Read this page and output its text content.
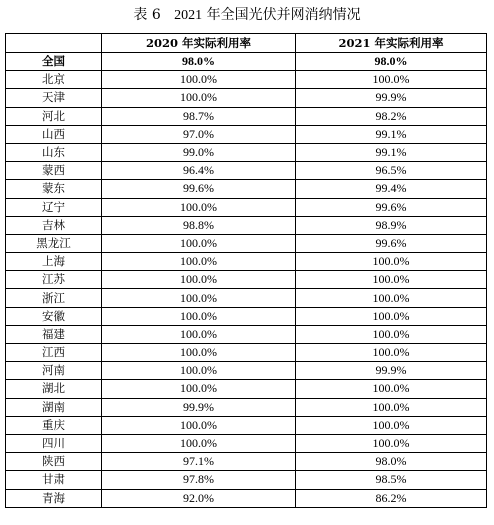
表 6 2021 年全国光伏并网消纳情况
	2020 年实际利用率	2021 年实际利用率
全国	98.0%	98.0%
北京	100.0%	100.0%
天津	100.0%	99.9%
河北	98.7%	98.2%
山西	97.0%	99.1%
山东	99.0%	99.1%
蒙西	96.4%	96.5%
蒙东	99.6%	99.4%
辽宁	100.0%	99.6%
吉林	98.8%	98.9%
黑龙江	100.0%	99.6%
上海	100.0%	100.0%
江苏	100.0%	100.0%
浙江	100.0%	100.0%
安徽	100.0%	100.0%
福建	100.0%	100.0%
江西	100.0%	100.0%
河南	100.0%	99.9%
湖北	100.0%	100.0%
湖南	99.9%	100.0%
重庆	100.0%	100.0%
四川	100.0%	100.0%
陕西	97.1%	98.0%
甘肃	97.8%	98.5%
青海	92.0%	86.2%
